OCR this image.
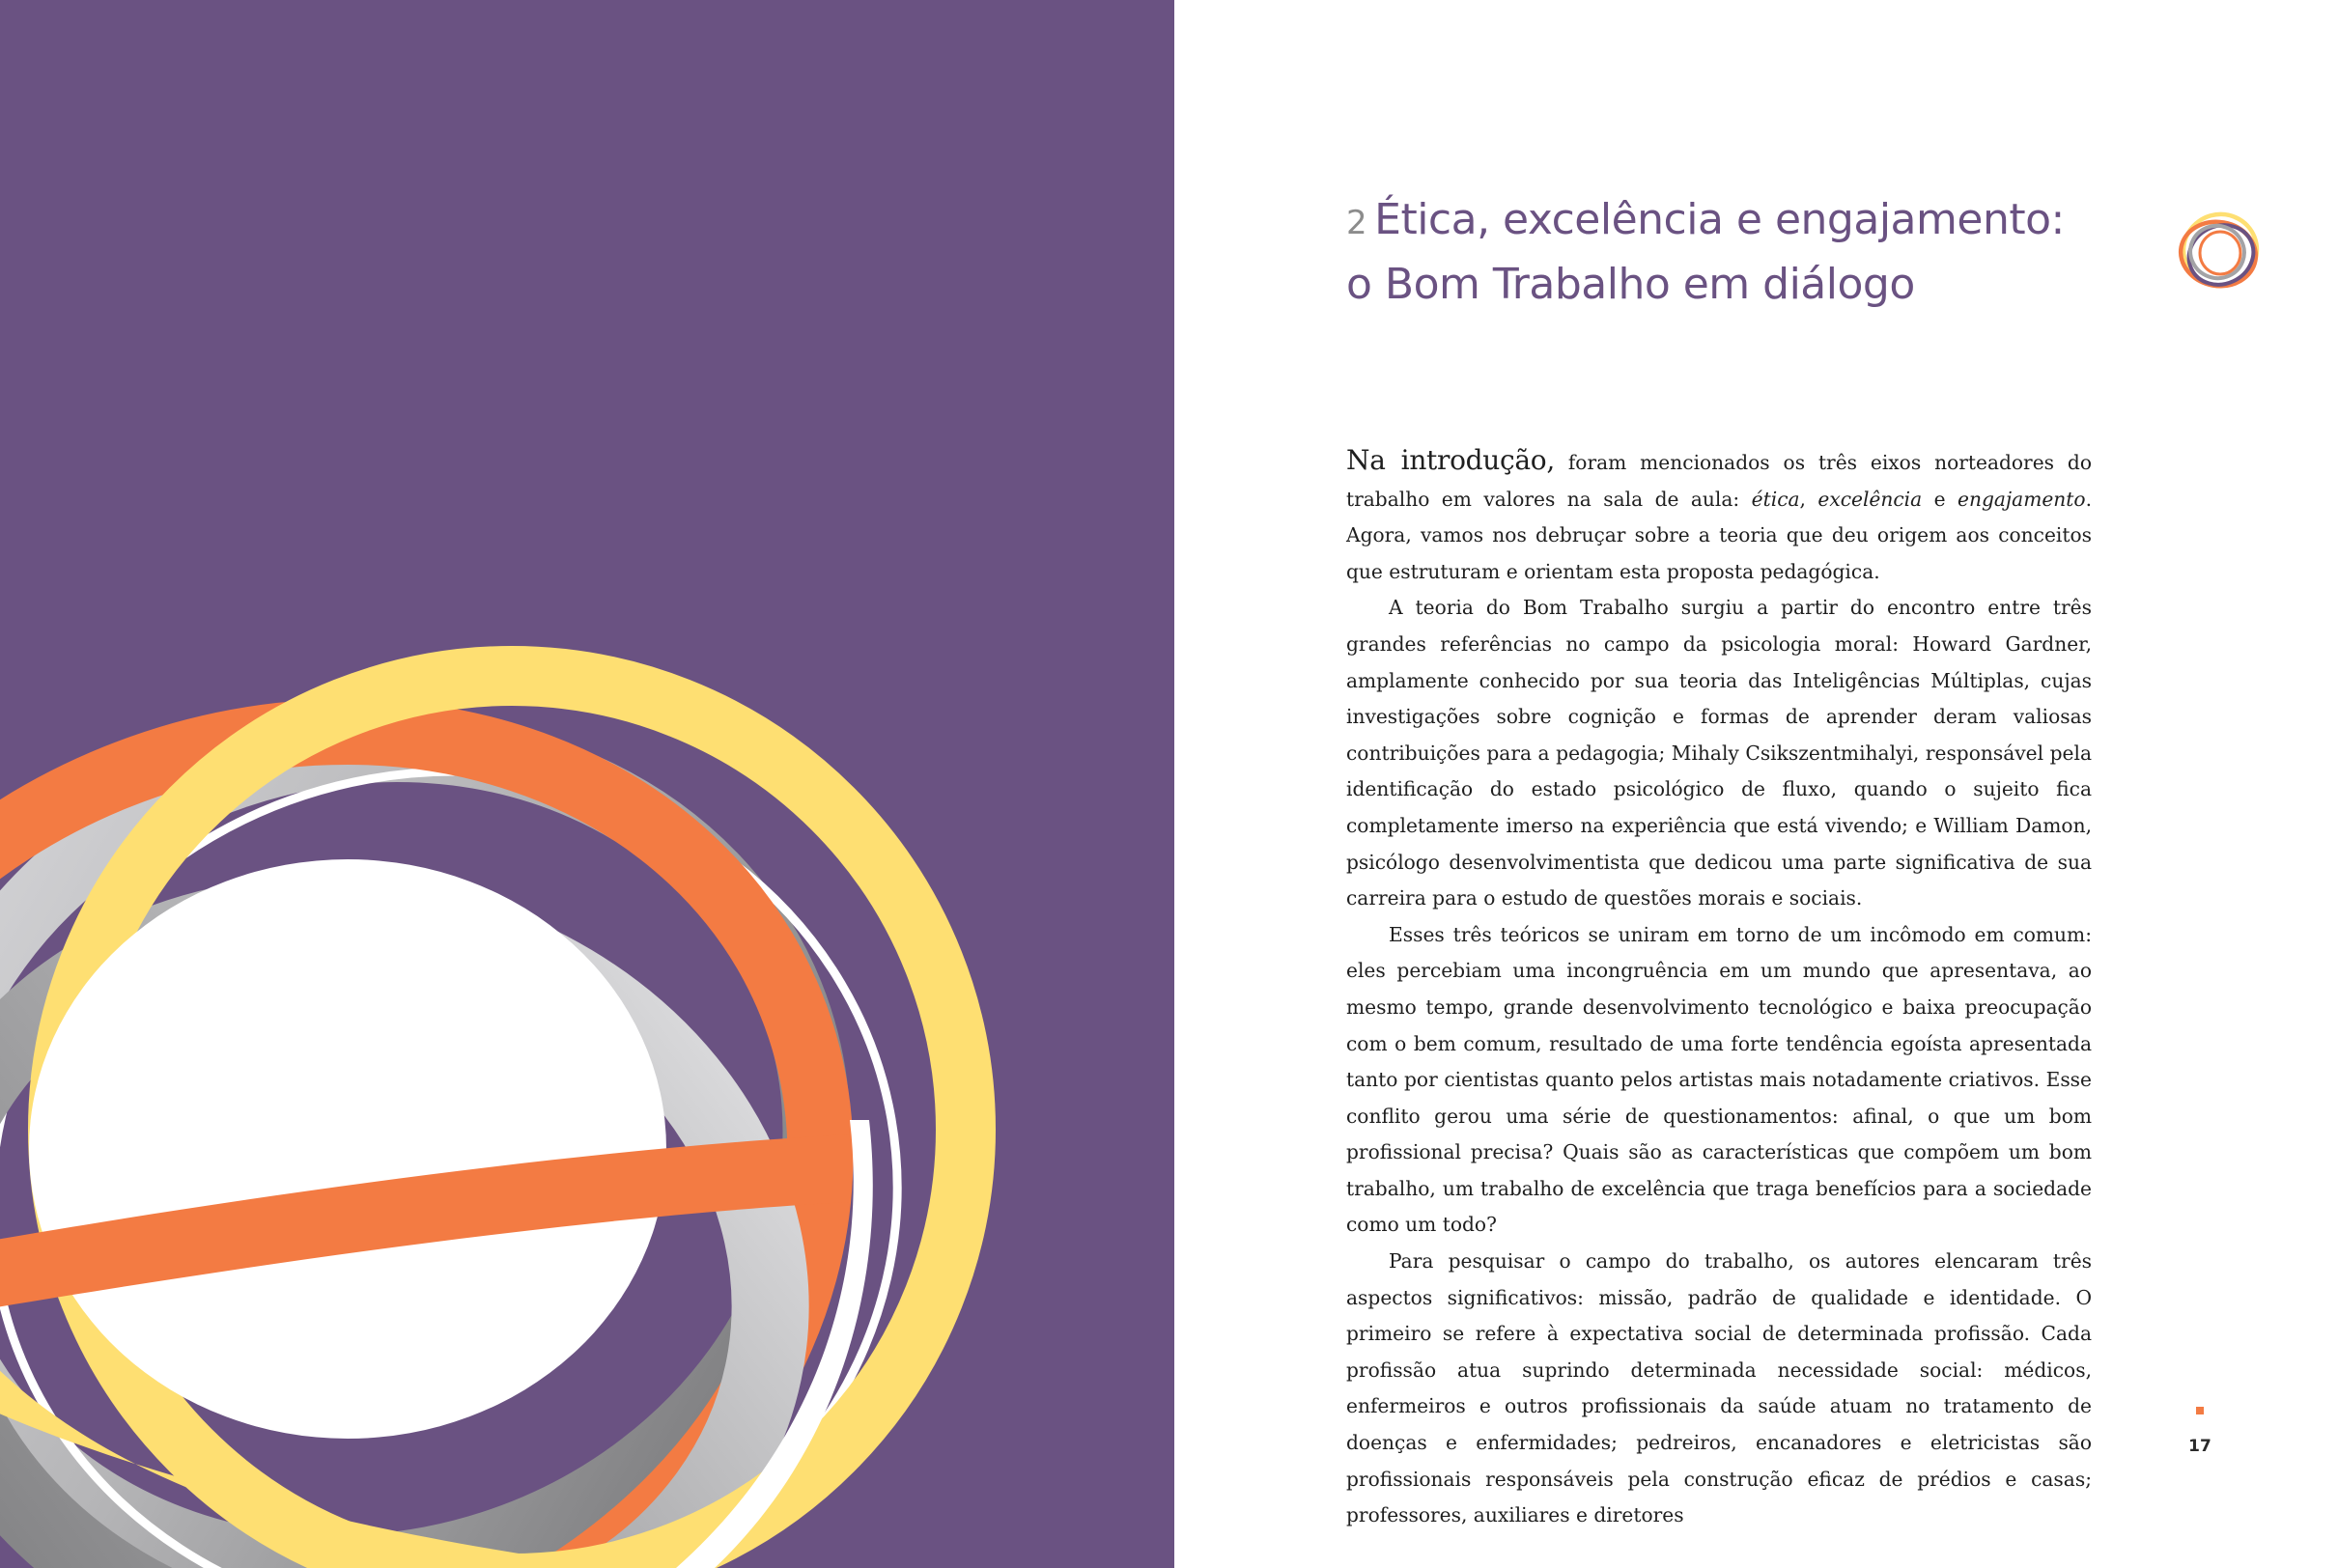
2 Ética, excelência e engajamento:
o Bom Trabalho em diálogo

Na introdução, foram mencionados os três eixos norteadores do trabalho em valores na sala de aula: ética, excelência e engajamento. Agora, vamos nos debruçar sobre a teoria que deu origem aos conceitos que estruturam e orientam esta proposta pedagógica.

A teoria do Bom Trabalho surgiu a partir do encontro entre três grandes referências no campo da psicologia moral: Howard Gardner, amplamente conhecido por sua teoria das Inteligências Múltiplas, cujas investigações sobre cognição e formas de aprender deram valiosas contribuições para a pedagogia; Mihaly Csikszentmihalyi, responsável pela identificação do estado psicológico de fluxo, quando o sujeito fica completamente imerso na experiência que está vivendo; e William Damon, psicólogo desenvolvimentista que dedicou uma parte significativa de sua carreira para o estudo de questões morais e sociais.

Esses três teóricos se uniram em torno de um incômodo em comum: eles percebiam uma incongruência em um mundo que apresentava, ao mesmo tempo, grande desenvolvimento tecnológico e baixa preocupação com o bem comum, resultado de uma forte tendência egoísta apresentada tanto por cientistas quanto pelos artistas mais notadamente criativos. Esse conflito gerou uma série de questionamentos: afinal, o que um bom profissional precisa? Quais são as características que compõem um bom trabalho, um trabalho de excelência que traga benefícios para a sociedade como um todo?

Para pesquisar o campo do trabalho, os autores elencaram três aspectos significativos: missão, padrão de qualidade e identidade. O primeiro se refere à expectativa social de determinada profissão. Cada profissão atua suprindo determinada necessidade social: médicos, enfermeiros e outros profissionais da saúde atuam no tratamento de doenças e enfermidades; pedreiros, encanadores e eletricistas são profissionais responsáveis pela construção eficaz de prédios e casas; professores, auxiliares e diretores

17
